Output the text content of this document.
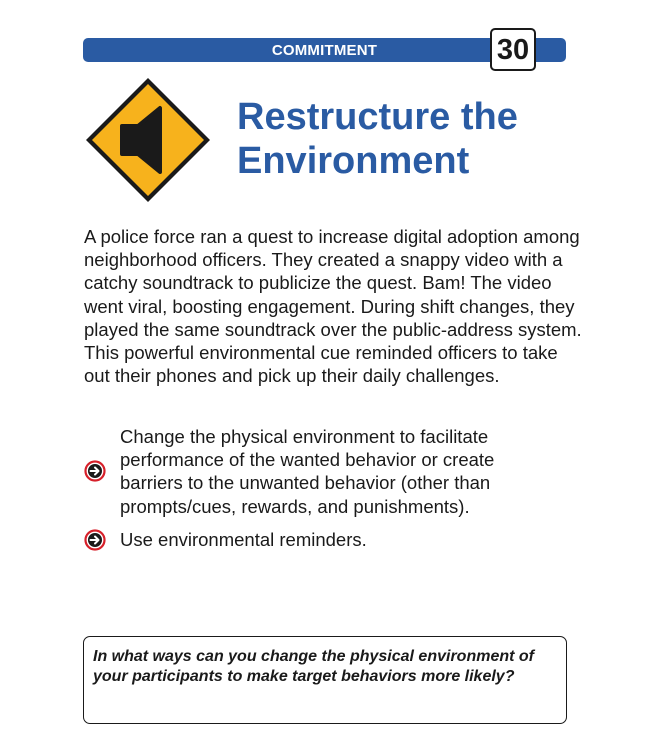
COMMITMENT	30
Restructure the
Environment

A police force ran a quest to increase digital adoption among neighborhood officers. They created a snappy video with a catchy soundtrack to publicize the quest. Bam! The video went viral, boosting engagement. During shift changes, they played the same soundtrack over the public-address system. This powerful environmental cue reminded officers to take out their phones and pick up their daily challenges.

Change the physical environment to facilitate performance of the wanted behavior or create barriers to the unwanted behavior (other than prompts/cues, rewards, and punishments).
Use environmental reminders.

In what ways can you change the physical environment of your participants to make target behaviors more likely?
